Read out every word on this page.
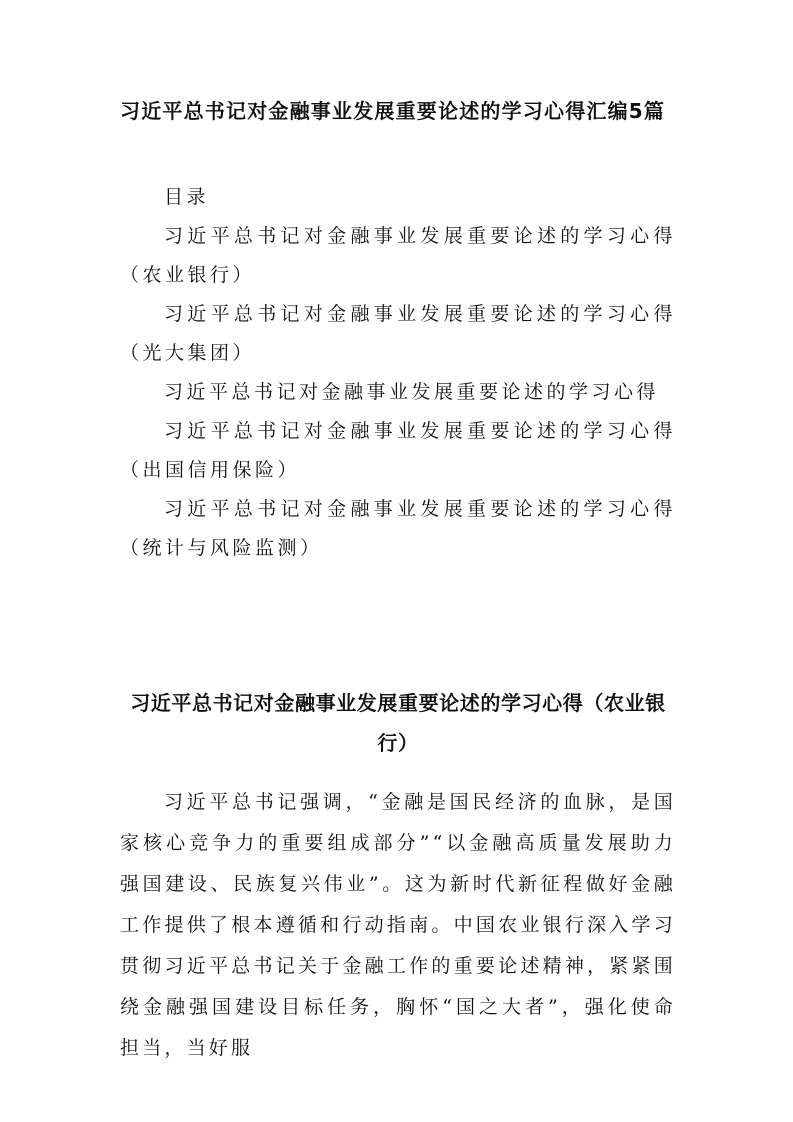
习近平总书记对金融事业发展重要论述的学习心得汇编5篇

目录

习近平总书记对金融事业发展重要论述的学习心得（农业银行）

习近平总书记对金融事业发展重要论述的学习心得（光大集团）

习近平总书记对金融事业发展重要论述的学习心得

习近平总书记对金融事业发展重要论述的学习心得（出国信用保险）

习近平总书记对金融事业发展重要论述的学习心得（统计与风险监测）

习近平总书记对金融事业发展重要论述的学习心得（农业银行）

习近平总书记强调，“金融是国民经济的血脉，是国家核心竞争力的重要组成部分”“以金融高质量发展助力强国建设、民族复兴伟业”。这为新时代新征程做好金融工作提供了根本遵循和行动指南。中国农业银行深入学习贯彻习近平总书记关于金融工作的重要论述精神，紧紧围绕金融强国建设目标任务，胸怀“国之大者”，强化使命担当，当好服
